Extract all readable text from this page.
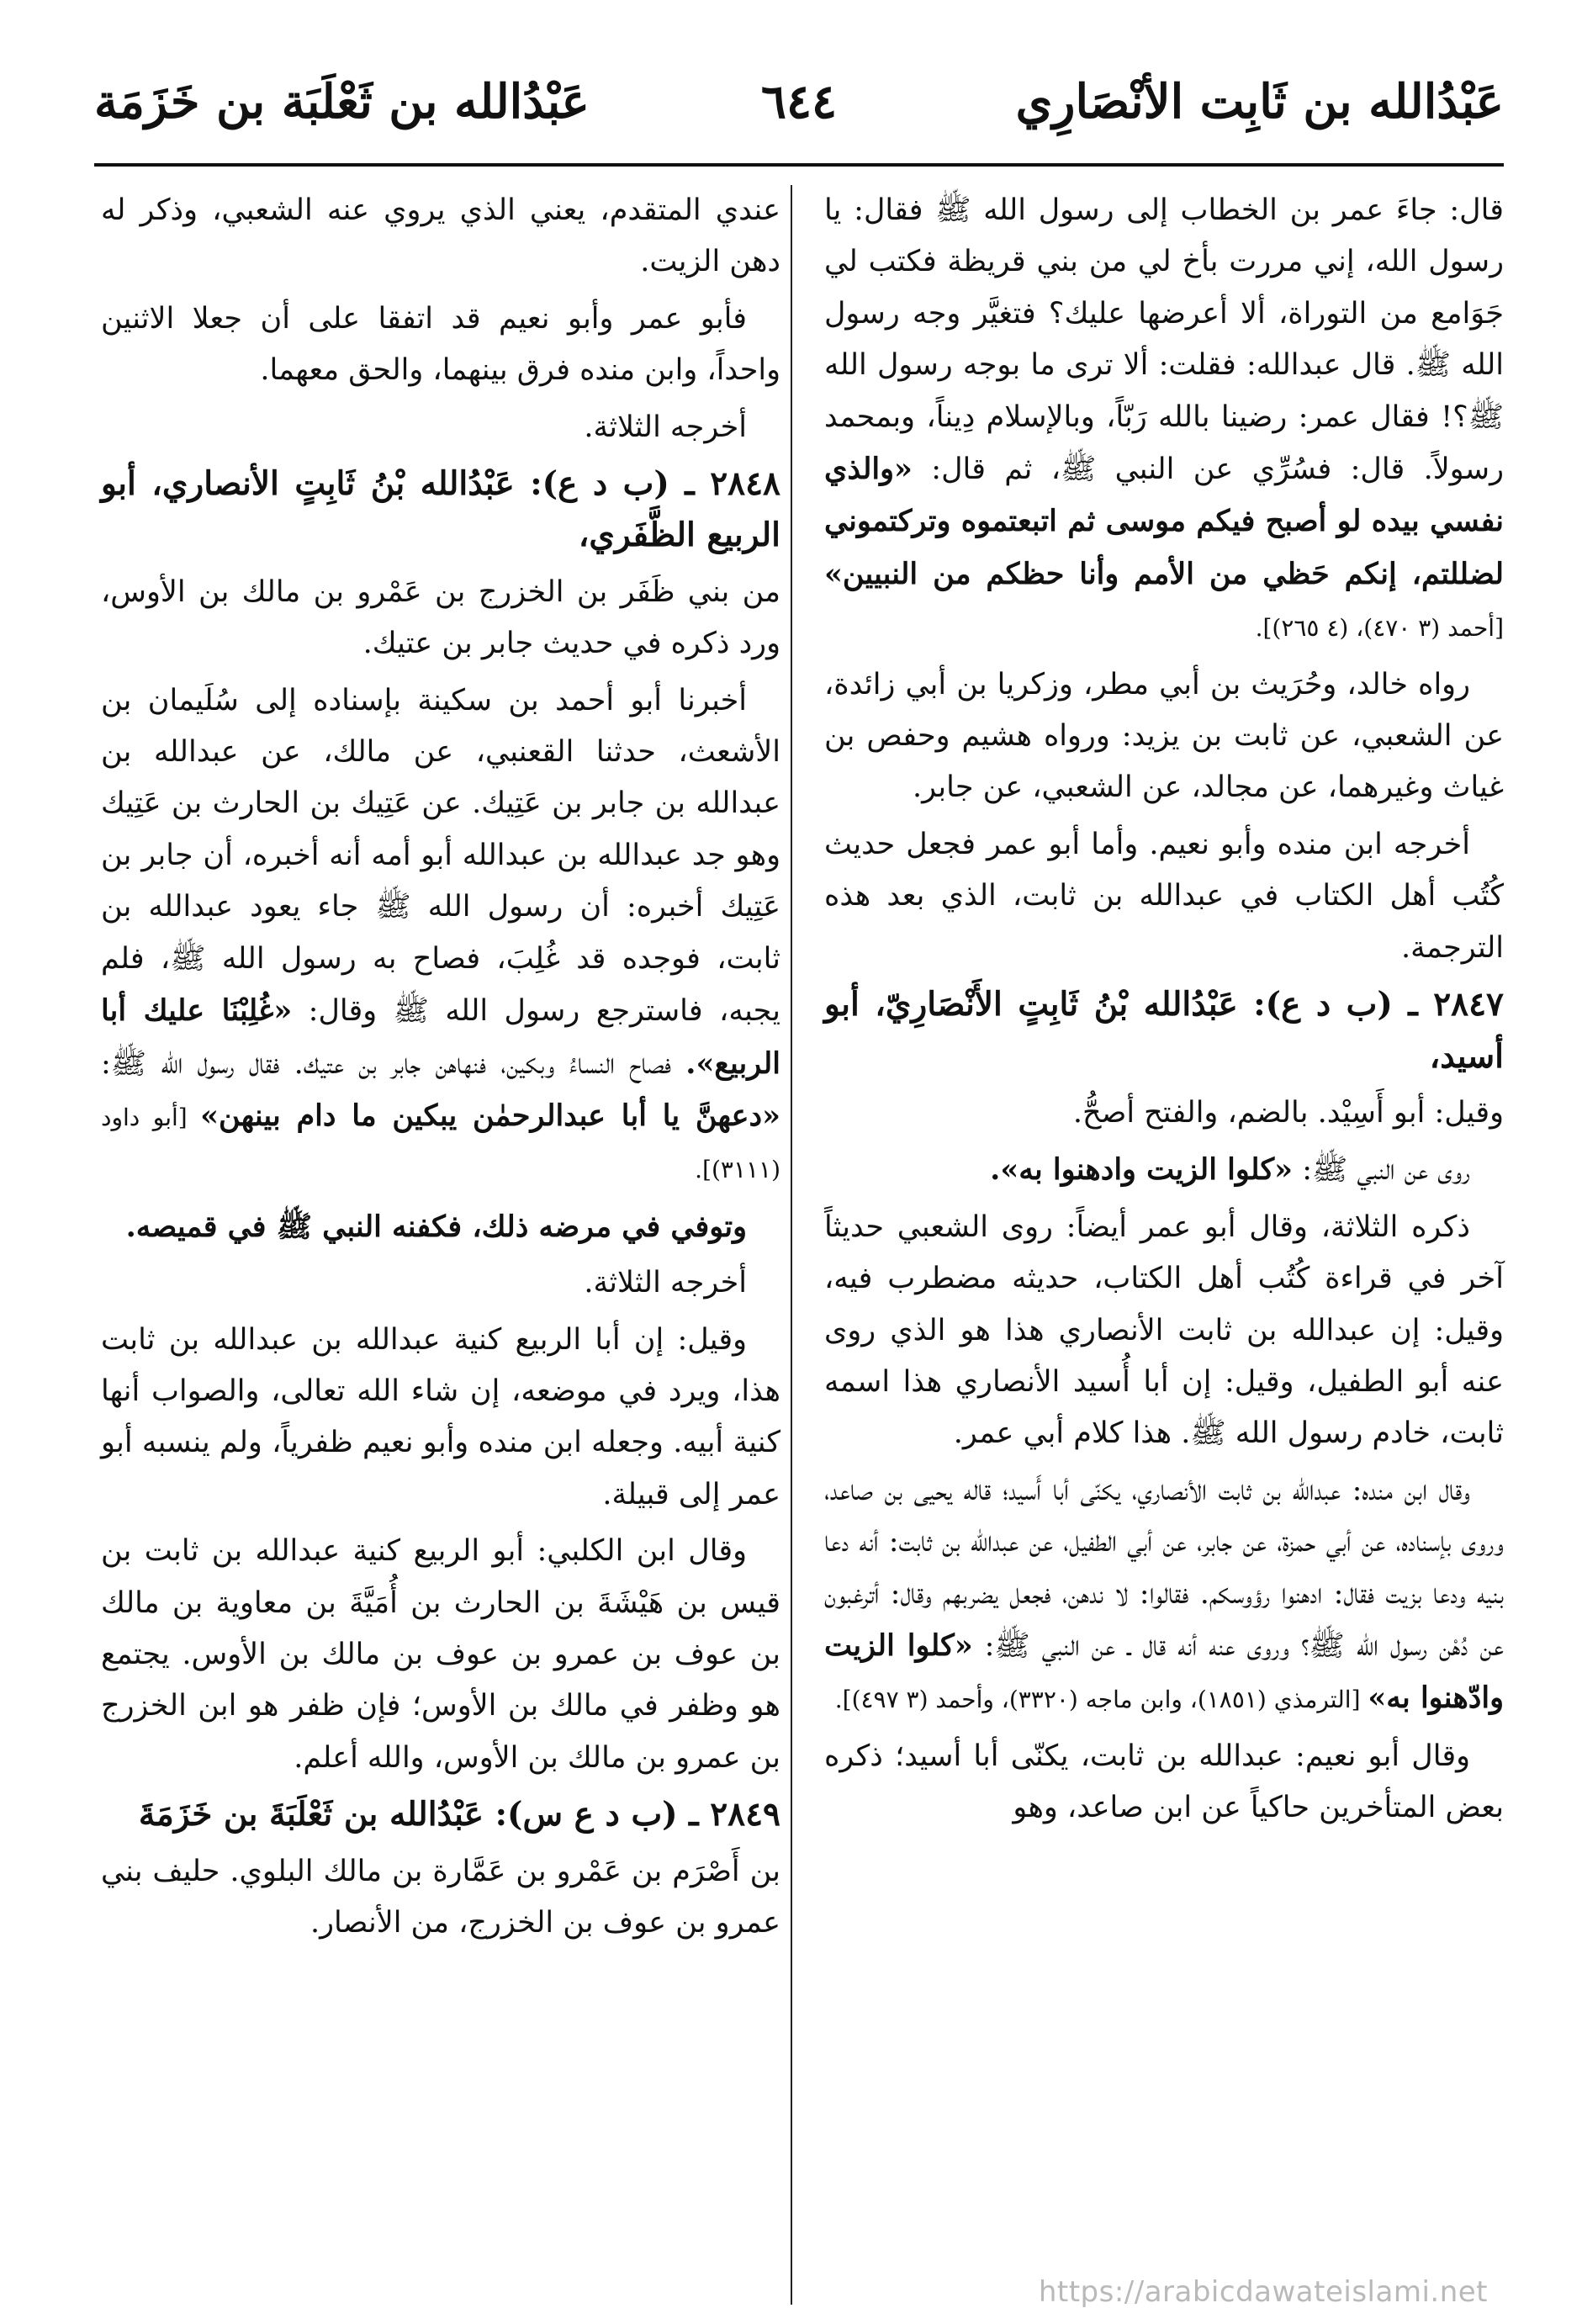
عَبْدُالله بن ثَابِت الأنْصَارِي
٦٤٤
عَبْدُالله بن ثَعْلَبَة بن خَزَمَة

قال: جاءَ عمر بن الخطاب إلى رسول الله ﷺ فقال: يا رسول الله، إني مررت بأخ لي من بني قريظة فكتب لي جَوَامع من التوراة، ألا أعرضها عليك؟ فتغيَّر وجه رسول الله ﷺ. قال عبدالله: فقلت: ألا ترى ما بوجه رسول الله ﷺ؟! فقال عمر: رضينا بالله رَبّاً، وبالإسلام دِيناً، وبمحمد رسولاً. قال: فسُرِّي عن النبي ﷺ، ثم قال: «والذي نفسي بيده لو أصبح فيكم موسى ثم اتبعتموه وتركتموني لضللتم، إنكم حَظي من الأمم وأنا حظكم من النبيين» [أحمد (٣ ٤٧٠)، (٤ ٢٦٥)].

رواه خالد، وحُرَيث بن أبي مطر، وزكريا بن أبي زائدة، عن الشعبي، عن ثابت بن يزيد: ورواه هشيم وحفص بن غياث وغيرهما، عن مجالد، عن الشعبي، عن جابر.

أخرجه ابن منده وأبو نعيم. وأما أبو عمر فجعل حديث كُتُب أهل الكتاب في عبدالله بن ثابت، الذي بعد هذه الترجمة.

٢٨٤٧ ـ (ب د ع): عَبْدُالله بْنُ ثَابِتٍ الأَنْصَارِيّ، أبو أسيد،

وقيل: أبو أَسِيْد. بالضم، والفتح أصحُّ.

روى عن النبي ﷺ: «كلوا الزيت وادهنوا به».

ذكره الثلاثة، وقال أبو عمر أيضاً: روى الشعبي حديثاً آخر في قراءة كُتُب أهل الكتاب، حديثه مضطرب فيه، وقيل: إن عبدالله بن ثابت الأنصاري هذا هو الذي روى عنه أبو الطفيل، وقيل: إن أبا أُسيد الأنصاري هذا اسمه ثابت، خادم رسول الله ﷺ. هذا كلام أبي عمر.

وقال ابن منده: عبدالله بن ثابت الأنصاري، يكنّى أبا أَسيد؛ قاله يحيى بن صاعد، وروى بإسناده، عن أبي حمزة، عن جابر، عن أبي الطفيل، عن عبدالله بن ثابت: أنه دعا بنيه ودعا بزيت فقال: ادهنوا رؤوسكم. فقالوا: لا ندهن، فجعل يضربهم وقال: أترغبون عن دُهْن رسول الله ﷺ؟ وروى عنه أنه قال ـ عن النبي ﷺ: «كلوا الزيت وادّهنوا به» [الترمذي (١٨٥١)، وابن ماجه (٣٣٢٠)، وأحمد (٣ ٤٩٧)].

وقال أبو نعيم: عبدالله بن ثابت، يكنّى أبا أسيد؛ ذكره بعض المتأخرين حاكياً عن ابن صاعد، وهو

عندي المتقدم، يعني الذي يروي عنه الشعبي، وذكر له دهن الزيت.

فأبو عمر وأبو نعيم قد اتفقا على أن جعلا الاثنين واحداً، وابن منده فرق بينهما، والحق معهما.

أخرجه الثلاثة.

٢٨٤٨ ـ (ب د ع): عَبْدُالله بْنُ ثَابِتٍ الأنصاري، أبو الربيع الظَّفَري،

من بني ظَفَر بن الخزرج بن عَمْرو بن مالك بن الأوس، ورد ذكره في حديث جابر بن عتيك.

أخبرنا أبو أحمد بن سكينة بإسناده إلى سُلَيمان بن الأشعث، حدثنا القعنبي، عن مالك، عن عبدالله بن عبدالله بن جابر بن عَتِيك. عن عَتِيك بن الحارث بن عَتِيك وهو جد عبدالله بن عبدالله أبو أمه أنه أخبره، أن جابر بن عَتِيك أخبره: أن رسول الله ﷺ جاء يعود عبدالله بن ثابت، فوجده قد غُلِبَ، فصاح به رسول الله ﷺ، فلم يجبه، فاسترجع رسول الله ﷺ وقال: «غُلِبْنَا عليك أبا الربيع». فصاح النساءُ وبكين، فنهاهن جابر بن عتيك. فقال رسول الله ﷺ: «دعهنَّ يا أبا عبدالرحمٰن يبكين ما دام بينهن» [أبو داود (٣١١١)].

وتوفي في مرضه ذلك، فكفنه النبي ﷺ في قميصه.

أخرجه الثلاثة.

وقيل: إن أبا الربيع كنية عبدالله بن عبدالله بن ثابت هذا، ويرد في موضعه، إن شاء الله تعالى، والصواب أنها كنية أبيه. وجعله ابن منده وأبو نعيم ظفرياً، ولم ينسبه أبو عمر إلى قبيلة.

وقال ابن الكلبي: أبو الربيع كنية عبدالله بن ثابت بن قيس بن هَيْشَةَ بن الحارث بن أُمَيَّةَ بن معاوية بن مالك بن عوف بن عمرو بن عوف بن مالك بن الأوس. يجتمع هو وظفر في مالك بن الأوس؛ فإن ظفر هو ابن الخزرج بن عمرو بن مالك بن الأوس، والله أعلم.

٢٨٤٩ ـ (ب د ع س): عَبْدُالله بن ثَعْلَبَةَ بن خَزَمَةَ

بن أَصْرَم بن عَمْرو بن عَمَّارة بن مالك البلوي. حليف بني عمرو بن عوف بن الخزرج، من الأنصار.

https://arabicdawateislami.net
